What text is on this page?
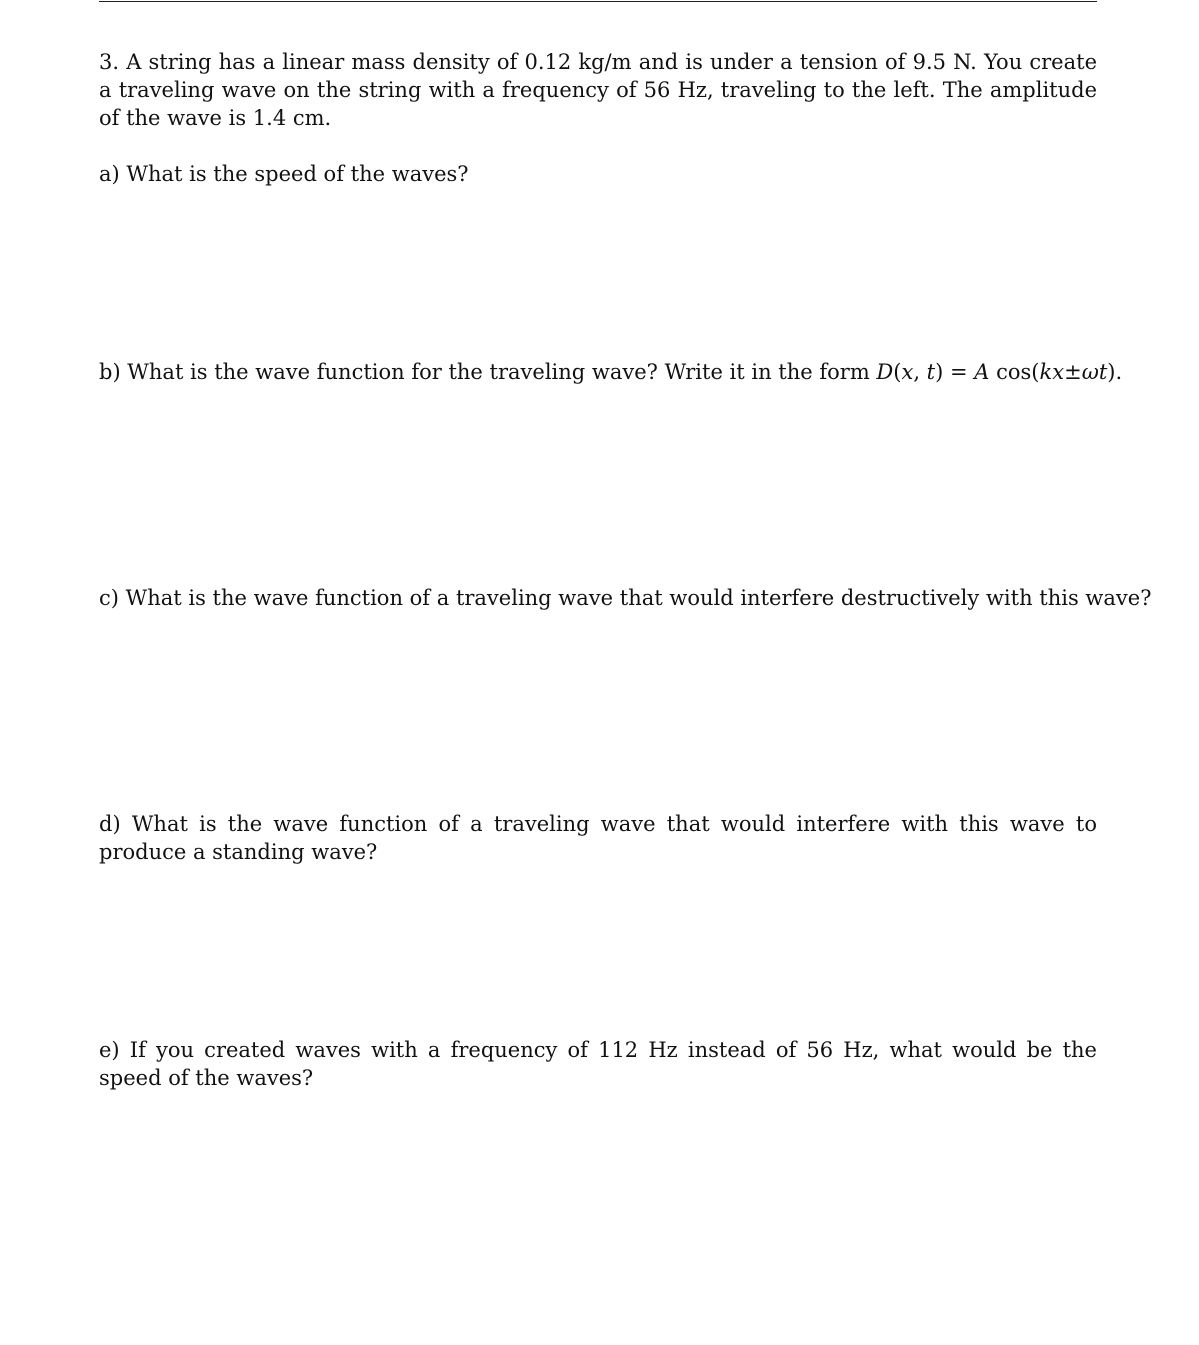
3. A string has a linear mass density of 0.12 kg/m and is under a tension of 9.5 N. You create a traveling wave on the string with a frequency of 56 Hz, traveling to the left. The amplitude of the wave is 1.4 cm.

a) What is the speed of the waves?

b) What is the wave function for the traveling wave? Write it in the form D(x, t) = A cos(kx±ωt).

c) What is the wave function of a traveling wave that would interfere destructively with this wave?

d) What is the wave function of a traveling wave that would interfere with this wave to produce a standing wave?

e) If you created waves with a frequency of 112 Hz instead of 56 Hz, what would be the speed of the waves?
